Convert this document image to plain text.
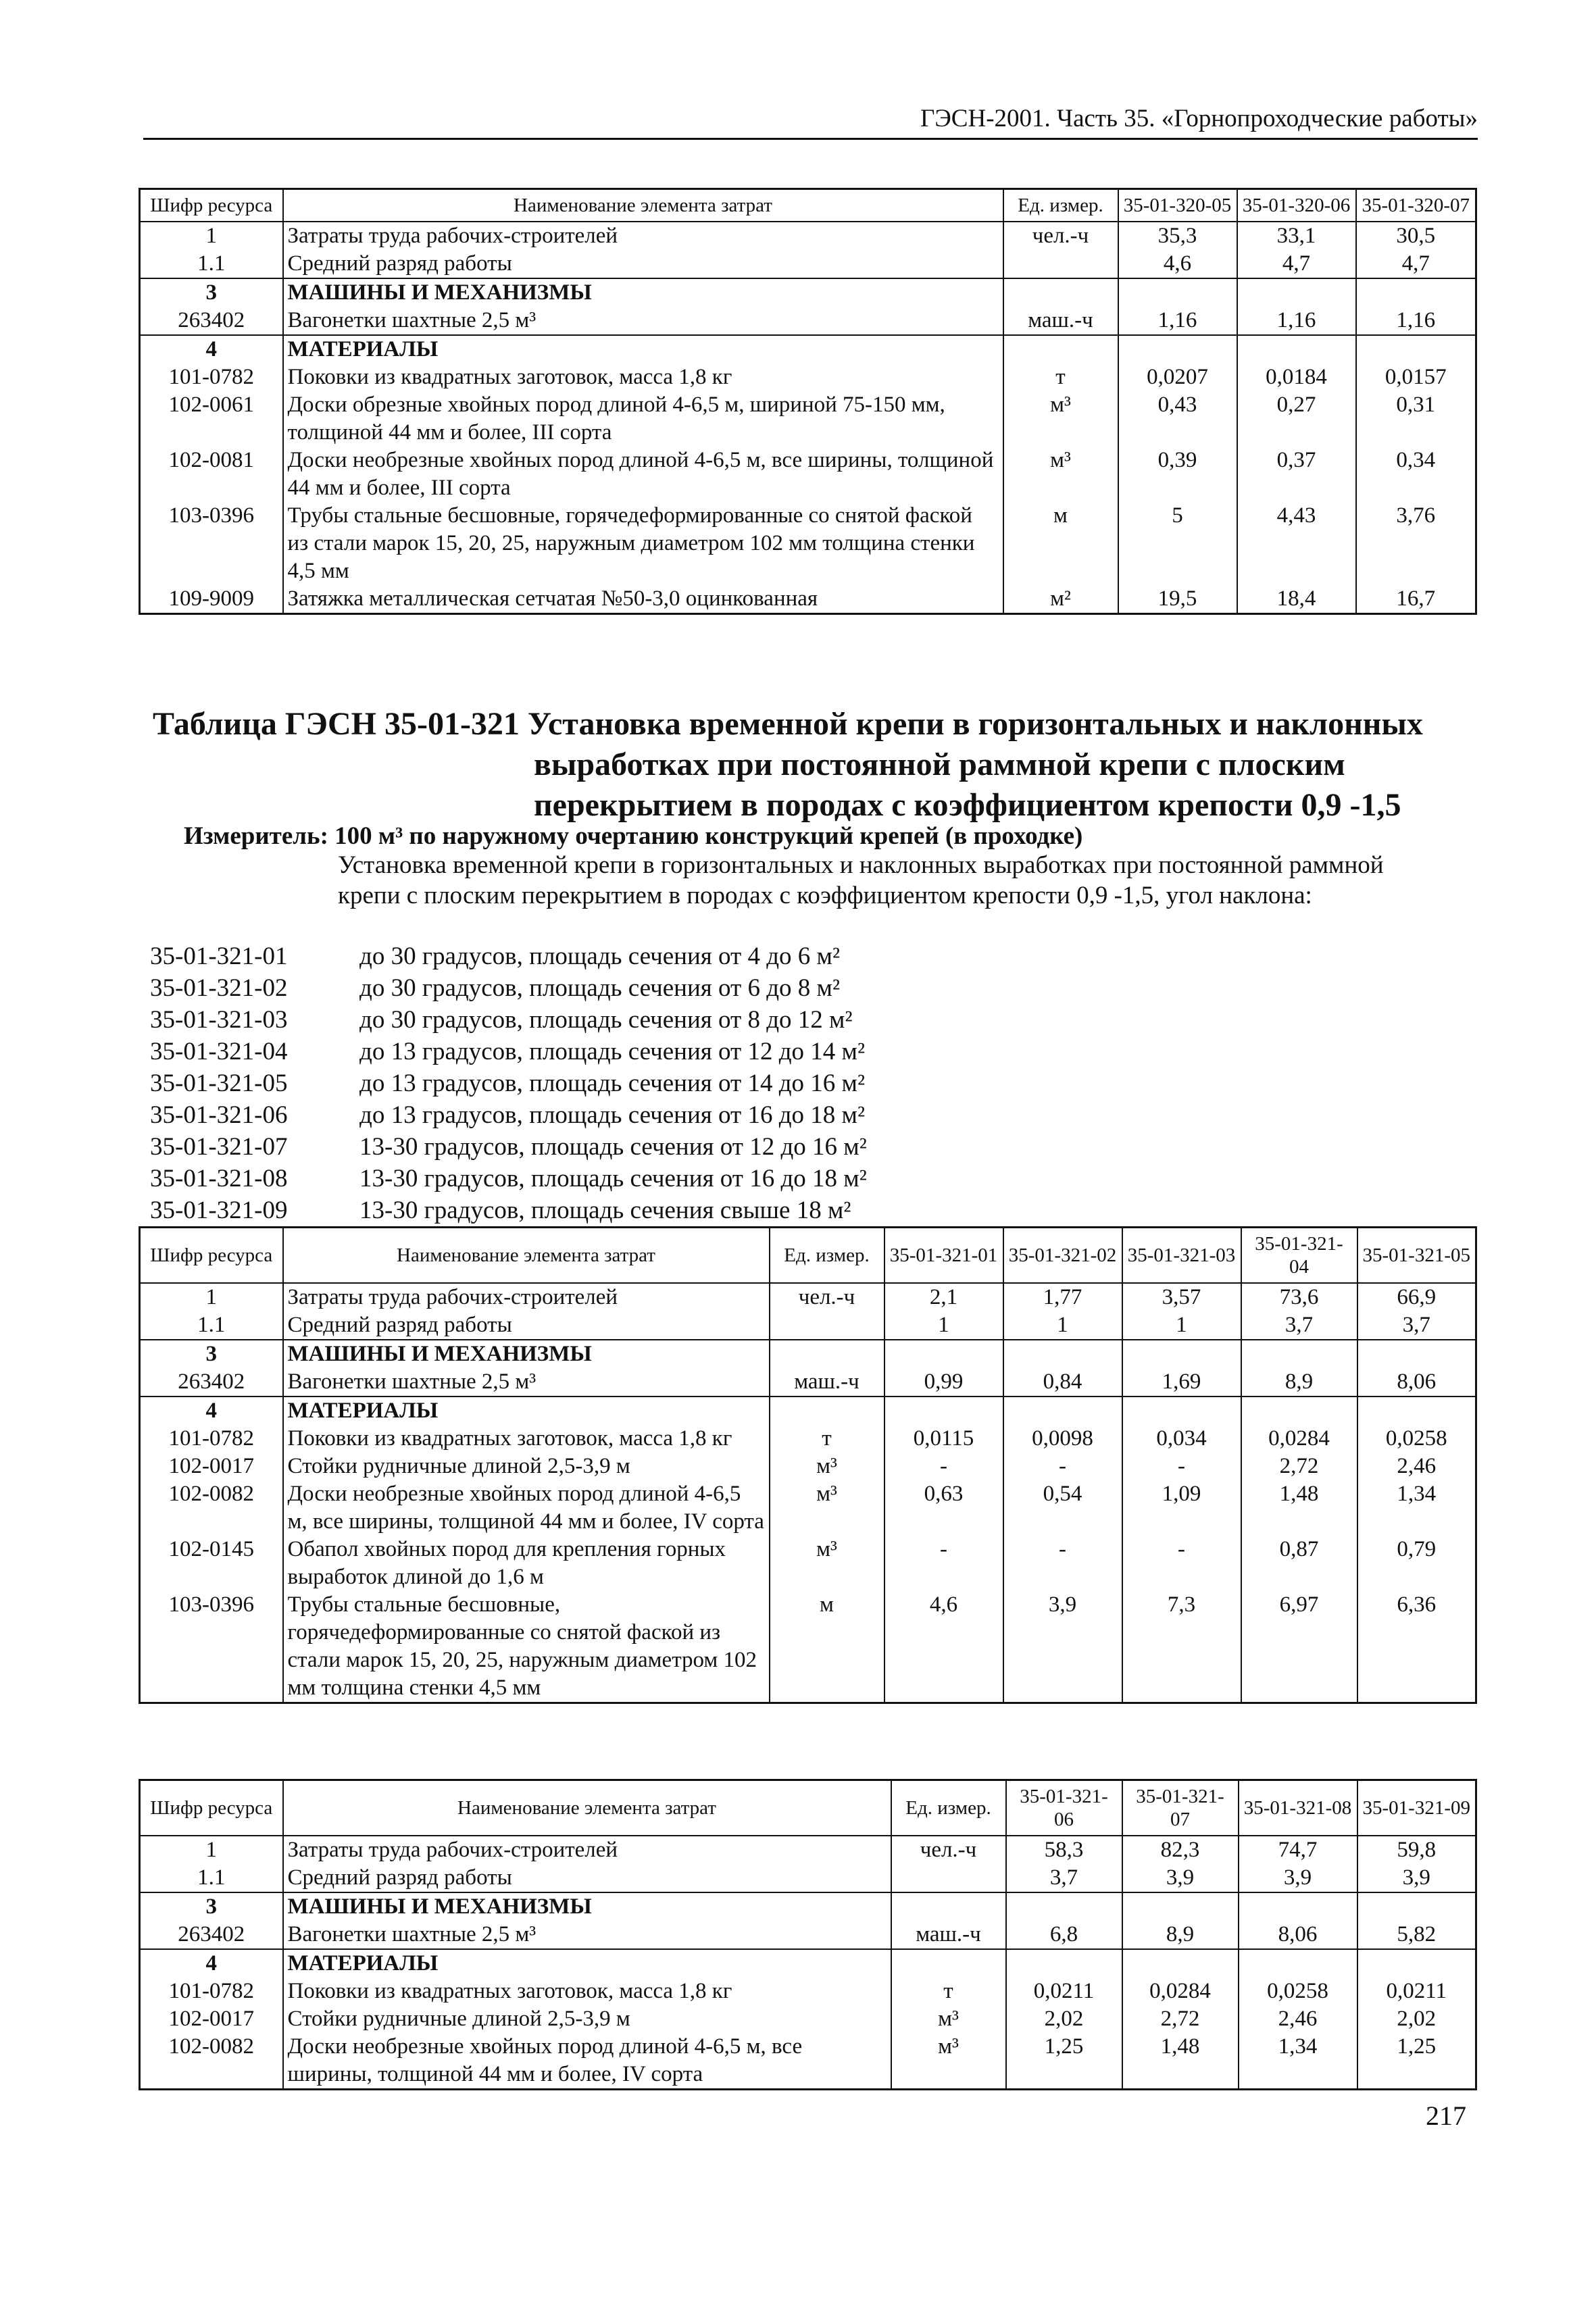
ГЭСН-2001. Часть 35. «Горнопроходческие работы»
Шифр ресурса	Наименование элемента затрат	Ед. измер.	35-01-320-05	35-01-320-06	35-01-320-07
1	Затраты труда рабочих-строителей	чел.-ч	35,3	33,1	30,5
1.1	Средний разряд работы		4,6	4,7	4,7
3	МАШИНЫ И МЕХАНИЗМЫ				
263402	Вагонетки шахтные 2,5 м³	маш.-ч	1,16	1,16	1,16
4	МАТЕРИАЛЫ				
101-0782	Поковки из квадратных заготовок, масса 1,8 кг	т	0,0207	0,0184	0,0157
102-0061	Доски обрезные хвойных пород длиной 4-6,5 м, шириной 75-150 мм, толщиной 44 мм и более, III сорта	м³	0,43	0,27	0,31
102-0081	Доски необрезные хвойных пород длиной 4-6,5 м, все ширины, толщиной 44 мм и более, III сорта	м³	0,39	0,37	0,34
103-0396	Трубы стальные бесшовные, горячедеформированные со снятой фаской из стали марок 15, 20, 25, наружным диаметром 102 мм толщина стенки 4,5 мм	м	5	4,43	3,76
109-9009	Затяжка металлическая сетчатая №50-3,0 оцинкованная	м²	19,5	18,4	16,7
Таблица ГЭСН 35-01-321 Установка временной крепи в горизонтальных и наклонных
выработках при постоянной раммной крепи с плоским
перекрытием в породах с коэффициентом крепости 0,9 -1,5
Измеритель: 100 м³ по наружному очертанию конструкций крепей (в проходке)
Установка временной крепи в горизонтальных и наклонных выработках при постоянной раммной крепи с плоским перекрытием в породах с коэффициентом крепости 0,9 -1,5, угол наклона:
35-01-321-01	до 30 градусов, площадь сечения от 4 до 6 м²
35-01-321-02	до 30 градусов, площадь сечения от 6 до 8 м²
35-01-321-03	до 30 градусов, площадь сечения от 8 до 12 м²
35-01-321-04	до 13 градусов, площадь сечения от 12 до 14 м²
35-01-321-05	до 13 градусов, площадь сечения от 14 до 16 м²
35-01-321-06	до 13 градусов, площадь сечения от 16 до 18 м²
35-01-321-07	13-30 градусов, площадь сечения от 12 до 16 м²
35-01-321-08	13-30 градусов, площадь сечения от 16 до 18 м²
35-01-321-09	13-30 градусов, площадь сечения свыше 18 м²
Шифр ресурса	Наименование элемента затрат	Ед. измер.	35-01-321-01	35-01-321-02	35-01-321-03	35-01-321-04	35-01-321-05
1	Затраты труда рабочих-строителей	чел.-ч	2,1	1,77	3,57	73,6	66,9
1.1	Средний разряд работы		1	1	1	3,7	3,7
3	МАШИНЫ И МЕХАНИЗМЫ						
263402	Вагонетки шахтные 2,5 м³	маш.-ч	0,99	0,84	1,69	8,9	8,06
4	МАТЕРИАЛЫ						
101-0782	Поковки из квадратных заготовок, масса 1,8 кг	т	0,0115	0,0098	0,034	0,0284	0,0258
102-0017	Стойки рудничные длиной 2,5-3,9 м	м³	-	-	-	2,72	2,46
102-0082	Доски необрезные хвойных пород длиной 4-6,5 м, все ширины, толщиной 44 мм и более, IV сорта	м³	0,63	0,54	1,09	1,48	1,34
102-0145	Обапол хвойных пород для крепления горных выработок длиной до 1,6 м	м³	-	-	-	0,87	0,79
103-0396	Трубы стальные бесшовные, горячедеформированные со снятой фаской из стали марок 15, 20, 25, наружным диаметром 102 мм толщина стенки 4,5 мм	м	4,6	3,9	7,3	6,97	6,36
Шифр ресурса	Наименование элемента затрат	Ед. измер.	35-01-321-06	35-01-321-07	35-01-321-08	35-01-321-09
1	Затраты труда рабочих-строителей	чел.-ч	58,3	82,3	74,7	59,8
1.1	Средний разряд работы		3,7	3,9	3,9	3,9
3	МАШИНЫ И МЕХАНИЗМЫ					
263402	Вагонетки шахтные 2,5 м³	маш.-ч	6,8	8,9	8,06	5,82
4	МАТЕРИАЛЫ					
101-0782	Поковки из квадратных заготовок, масса 1,8 кг	т	0,0211	0,0284	0,0258	0,0211
102-0017	Стойки рудничные длиной 2,5-3,9 м	м³	2,02	2,72	2,46	2,02
102-0082	Доски необрезные хвойных пород длиной 4-6,5 м, все ширины, толщиной 44 мм и более, IV сорта	м³	1,25	1,48	1,34	1,25
217
